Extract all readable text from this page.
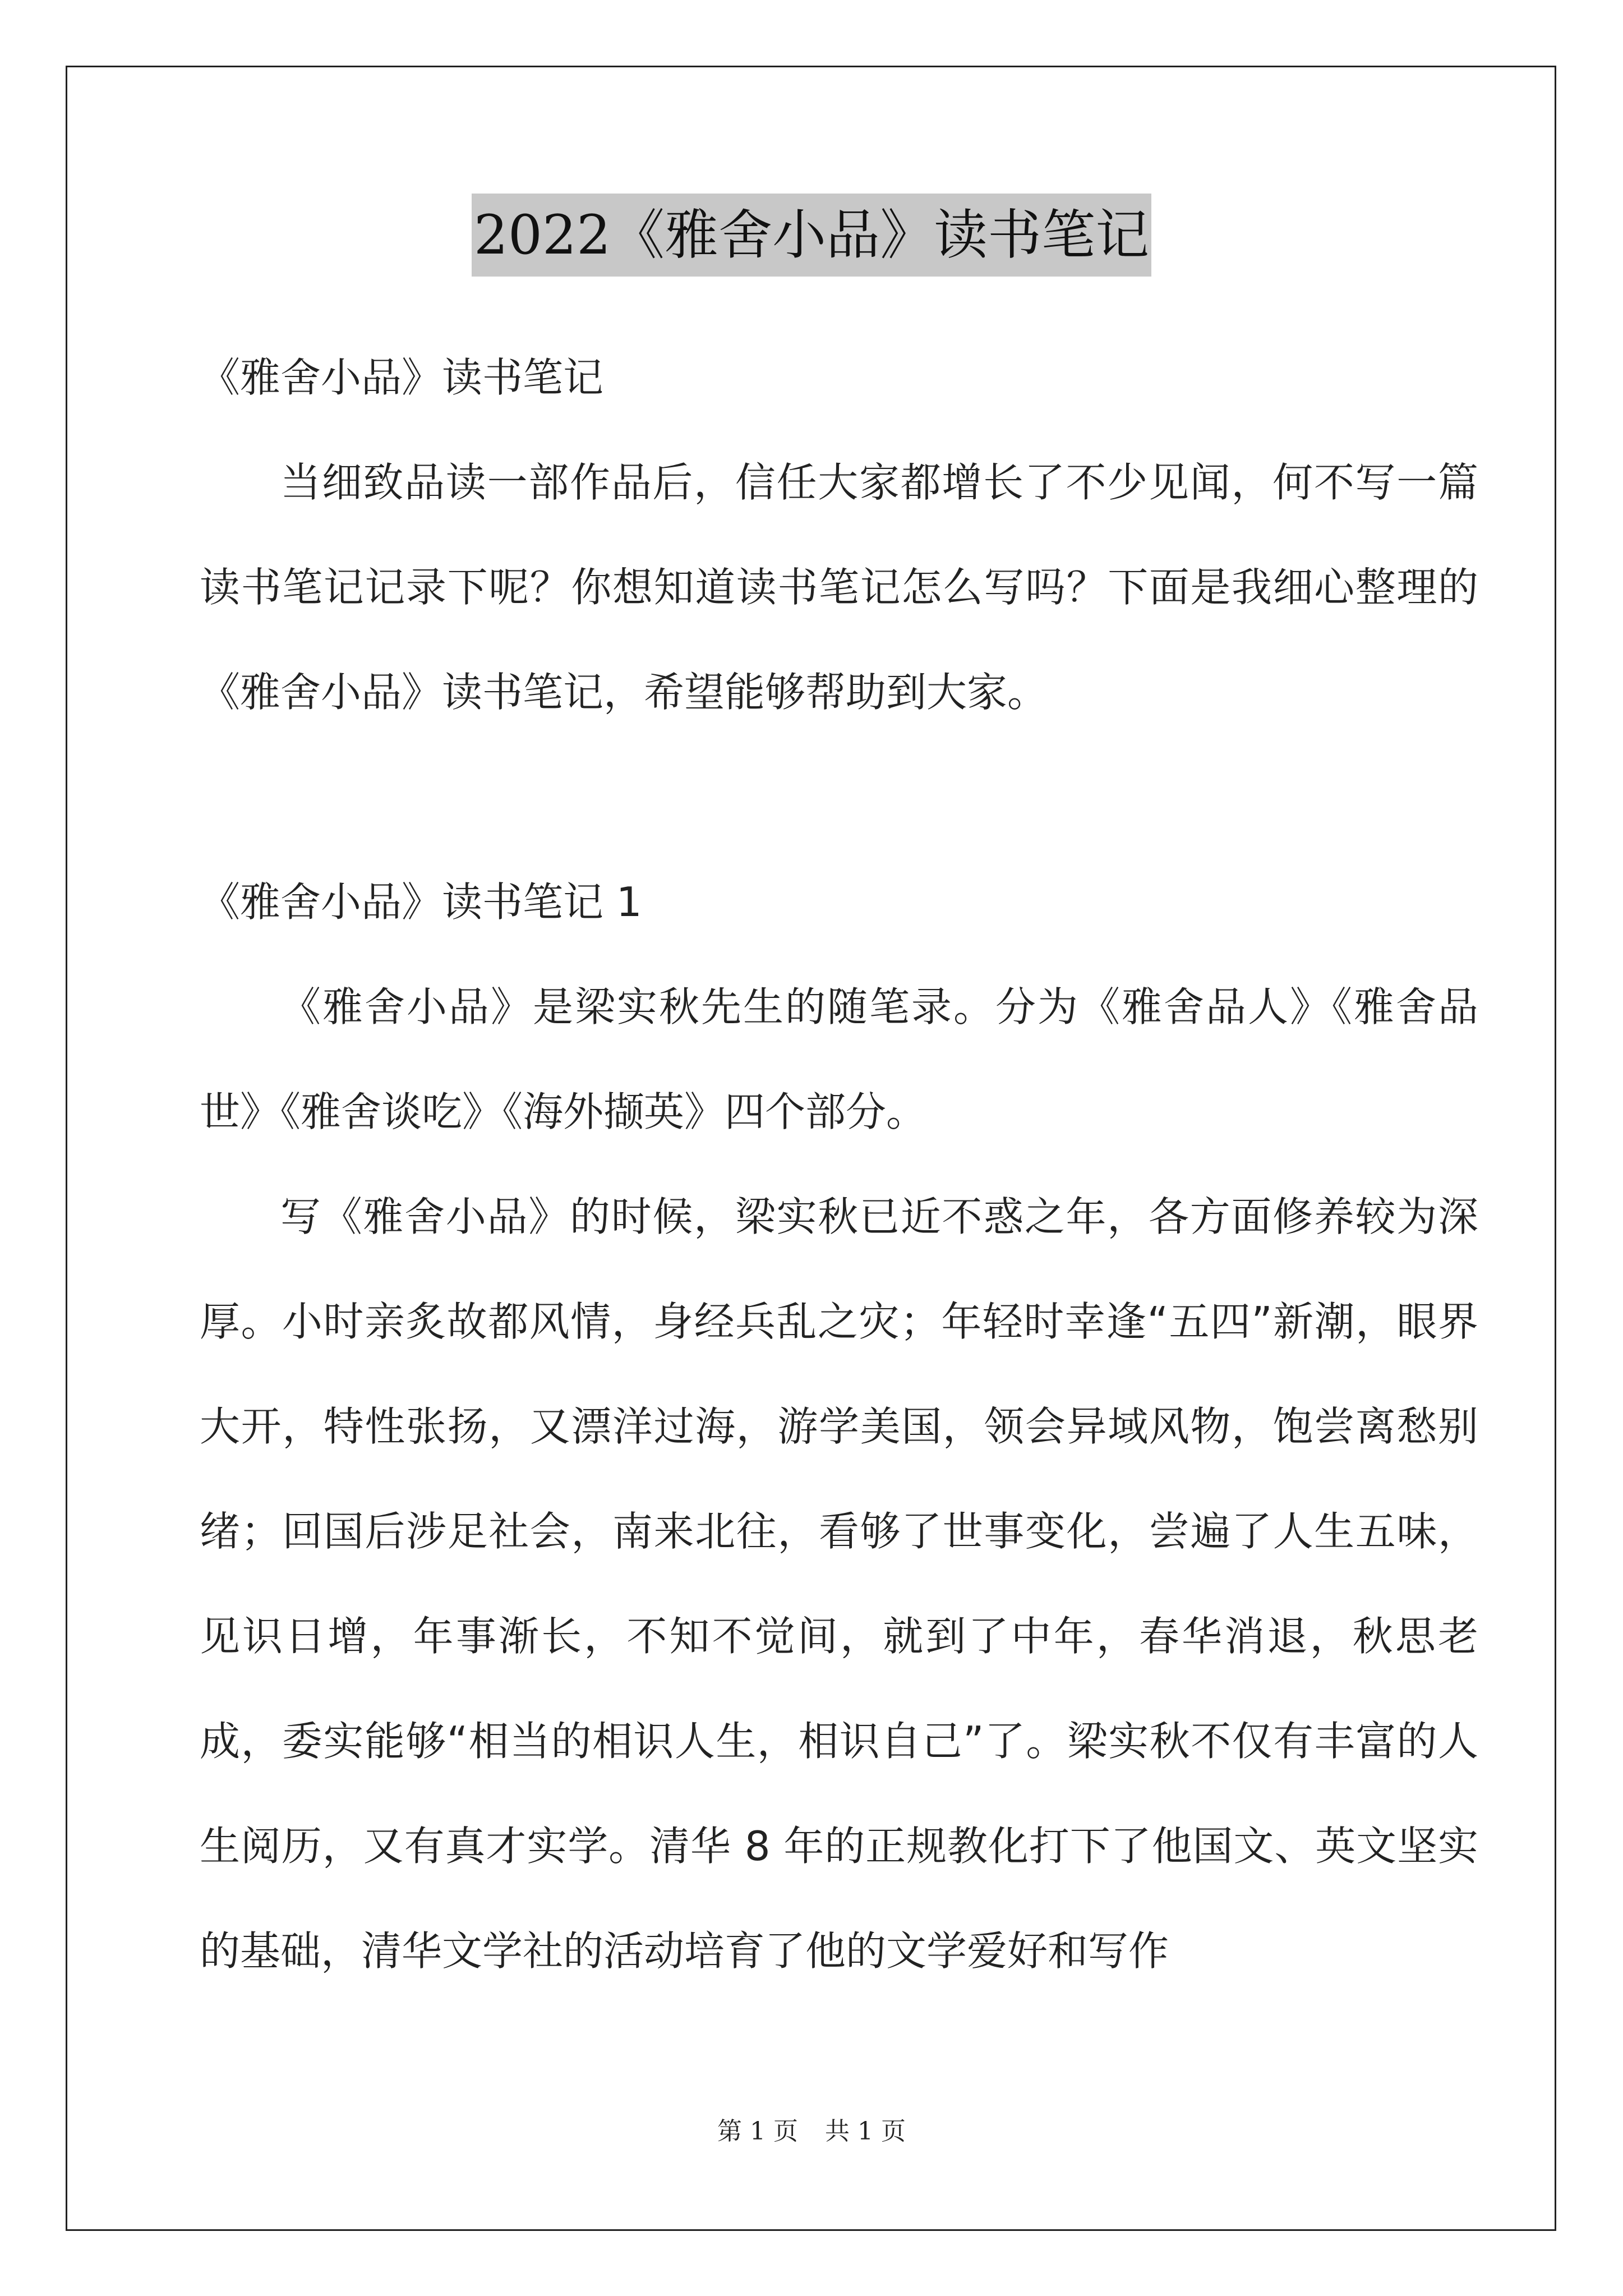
2022《雅舍小品》读书笔记

《雅舍小品》读书笔记

当细致品读一部作品后，信任大家都增长了不少见闻，何不写一篇读书笔记记录下呢？你想知道读书笔记怎么写吗？下面是我细心整理的《雅舍小品》读书笔记，希望能够帮助到大家。

《雅舍小品》读书笔记 1

《雅舍小品》是梁实秋先生的随笔录。分为《雅舍品人》《雅舍品世》《雅舍谈吃》《海外撷英》四个部分。

写《雅舍小品》的时候，梁实秋已近不惑之年，各方面修养较为深厚。小时亲炙故都风情，身经兵乱之灾；年轻时幸逢“五四”新潮，眼界大开，特性张扬，又漂洋过海，游学美国，领会异域风物，饱尝离愁别绪；回国后涉足社会，南来北往，看够了世事变化，尝遍了人生五味，见识日增，年事渐长，不知不觉间，就到了中年，春华消退，秋思老成，委实能够“相当的相识人生，相识自己”了。梁实秋不仅有丰富的人生阅历，又有真才实学。清华 8 年的正规教化打下了他国文、英文坚实的基础，清华文学社的活动培育了他的文学爱好和写作

第 1 页 共 1 页
